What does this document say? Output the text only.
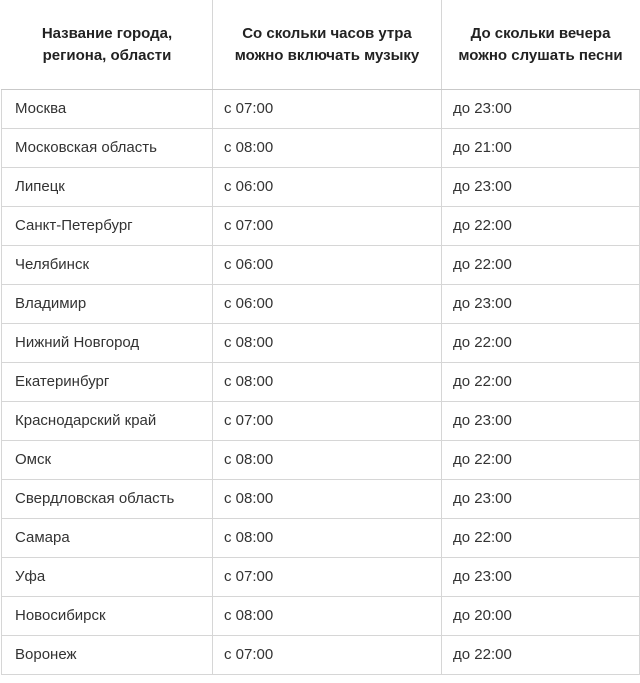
Название города, региона, области	Со скольки часов утра можно включать музыку	До скольки вечера можно слушать песни
Москва	с 07:00	до 23:00
Московская область	с 08:00	до 21:00
Липецк	с 06:00	до 23:00
Санкт-Петербург	с 07:00	до 22:00
Челябинск	с 06:00	до 22:00
Владимир	с 06:00	до 23:00
Нижний Новгород	с 08:00	до 22:00
Екатеринбург	с 08:00	до 22:00
Краснодарский край	с 07:00	до 23:00
Омск	с 08:00	до 22:00
Свердловская область	с 08:00	до 23:00
Самара	с 08:00	до 22:00
Уфа	с 07:00	до 23:00
Новосибирск	с 08:00	до 20:00
Воронеж	с 07:00	до 22:00
